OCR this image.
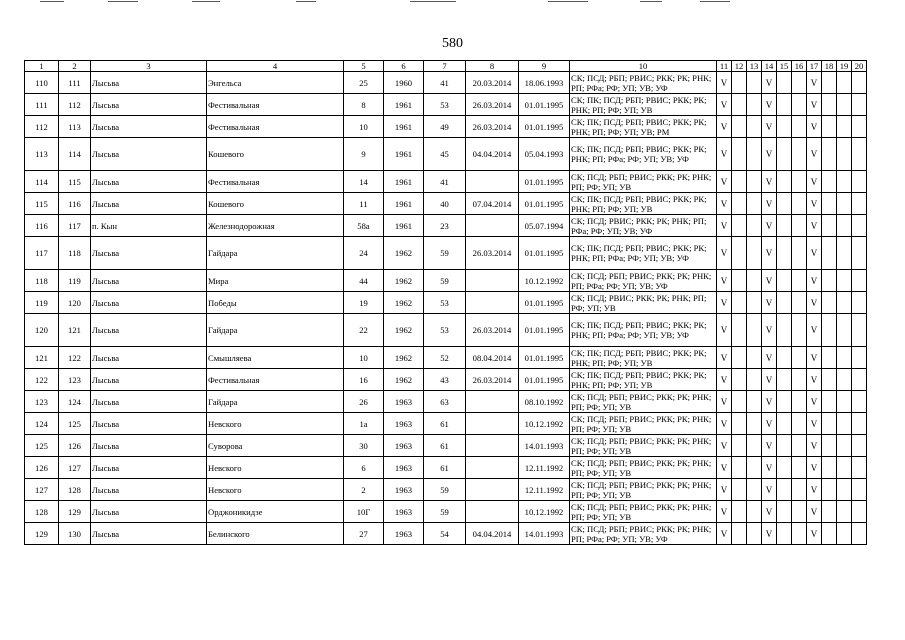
580
1	2	3	4	5	6	7	8	9	10	11	12	13	14	15	16	17	18	19	20
110	111	Лысьва	Энгельса	25	1960	41	20.03.2014	18.06.1993	СК; ПСД; РБП; РВИС; РКК; РК; РНК; РП; РФа; РФ; УП; УВ; УФ	V			V			V			
111	112	Лысьва	Фестивальная	8	1961	53	26.03.2014	01.01.1995	СК; ПК; ПСД; РБП; РВИС; РКК; РК; РНК; РП; РФ; УП; УВ	V			V			V			
112	113	Лысьва	Фестивальная	10	1961	49	26.03.2014	01.01.1995	СК; ПК; ПСД; РБП; РВИС; РКК; РК; РНК; РП; РФ; УП; УВ; РМ	V			V			V			
113	114	Лысьва	Кошевого	9	1961	45	04.04.2014	05.04.1993	СК; ПК; ПСД; РБП; РВИС; РКК; РК; РНК; РП; РФа; РФ; УП; УВ; УФ	V			V			V			
114	115	Лысьва	Фестивальная	14	1961	41		01.01.1995	СК; ПСД; РБП; РВИС; РКК; РК; РНК; РП; РФ; УП; УВ	V			V			V			
115	116	Лысьва	Кошевого	11	1961	40	07.04.2014	01.01.1995	СК; ПК; ПСД; РБП; РВИС; РКК; РК; РНК; РП; РФ; УП; УВ	V			V			V			
116	117	п. Кын	Железнодорожная	58а	1961	23		05.07.1994	СК; ПСД; РВИС; РКК; РК; РНК; РП; РФа; РФ; УП; УВ; УФ	V			V			V			
117	118	Лысьва	Гайдара	24	1962	59	26.03.2014	01.01.1995	СК; ПК; ПСД; РБП; РВИС; РКК; РК; РНК; РП; РФа; РФ; УП; УВ; УФ	V			V			V			
118	119	Лысьва	Мира	44	1962	59		10.12.1992	СК; ПСД; РБП; РВИС; РКК; РК; РНК; РП; РФа; РФ; УП; УВ; УФ	V			V			V			
119	120	Лысьва	Победы	19	1962	53		01.01.1995	СК; ПСД; РВИС; РКК; РК; РНК; РП; РФ; УП; УВ	V			V			V			
120	121	Лысьва	Гайдара	22	1962	53	26.03.2014	01.01.1995	СК; ПК; ПСД; РБП; РВИС; РКК; РК; РНК; РП; РФа; РФ; УП; УВ; УФ	V			V			V			
121	122	Лысьва	Смышляева	10	1962	52	08.04.2014	01.01.1995	СК; ПК; ПСД; РБП; РВИС; РКК; РК; РНК; РП; РФ; УП; УВ	V			V			V			
122	123	Лысьва	Фестивальная	16	1962	43	26.03.2014	01.01.1995	СК; ПК; ПСД; РБП; РВИС; РКК; РК; РНК; РП; РФ; УП; УВ	V			V			V			
123	124	Лысьва	Гайдара	26	1963	63		08.10.1992	СК; ПСД; РБП; РВИС; РКК; РК; РНК; РП; РФ; УП; УВ	V			V			V			
124	125	Лысьва	Невского	1а	1963	61		10.12.1992	СК; ПСД; РБП; РВИС; РКК; РК; РНК; РП; РФ; УП; УВ	V			V			V			
125	126	Лысьва	Суворова	30	1963	61		14.01.1993	СК; ПСД; РБП; РВИС; РКК; РК; РНК; РП; РФ; УП; УВ	V			V			V			
126	127	Лысьва	Невского	6	1963	61		12.11.1992	СК; ПСД; РБП; РВИС; РКК; РК; РНК; РП; РФ; УП; УВ	V			V			V			
127	128	Лысьва	Невского	2	1963	59		12.11.1992	СК; ПСД; РБП; РВИС; РКК; РК; РНК; РП; РФ; УП; УВ	V			V			V			
128	129	Лысьва	Орджоникидзе	10Г	1963	59		10.12.1992	СК; ПСД; РБП; РВИС; РКК; РК; РНК; РП; РФ; УП; УВ	V			V			V			
129	130	Лысьва	Белинского	27	1963	54	04.04.2014	14.01.1993	СК; ПСД; РБП; РВИС; РКК; РК; РНК; РП; РФа; РФ; УП; УВ; УФ	V			V			V			
